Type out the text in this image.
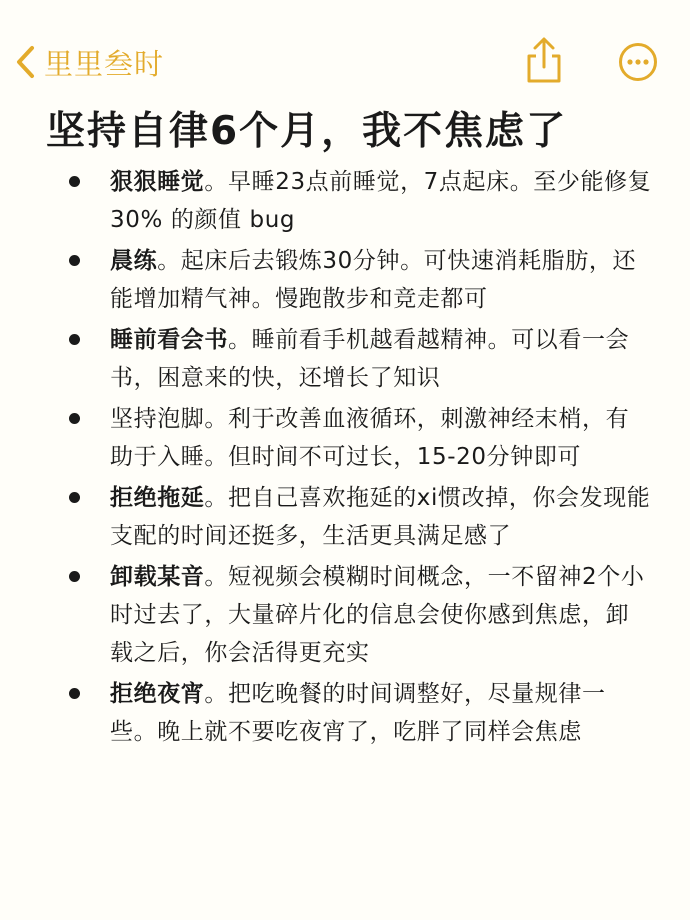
里里叁时
坚持自律6个月，我不焦虑了
狠狠睡觉。早睡23点前睡觉，7点起床。至少能修复 30% 的颜值 bug
晨练。起床后去锻炼30分钟。可快速消耗脂肪，还能增加精气神。慢跑散步和竞走都可
睡前看会书。睡前看手机越看越精神。可以看一会书，困意来的快，还增长了知识
坚持泡脚。利于改善血液循环，刺激神经末梢，有助于入睡。但时间不可过长，15-20分钟即可
拒绝拖延。把自己喜欢拖延的xi惯改掉，你会发现能支配的时间还挺多，生活更具满足感了
卸载某音。短视频会模糊时间概念，一不留神2个小时过去了，大量碎片化的信息会使你感到焦虑，卸载之后，你会活得更充实
拒绝夜宵。把吃晚餐的时间调整好，尽量规律一些。晚上就不要吃夜宵了，吃胖了同样会焦虑
